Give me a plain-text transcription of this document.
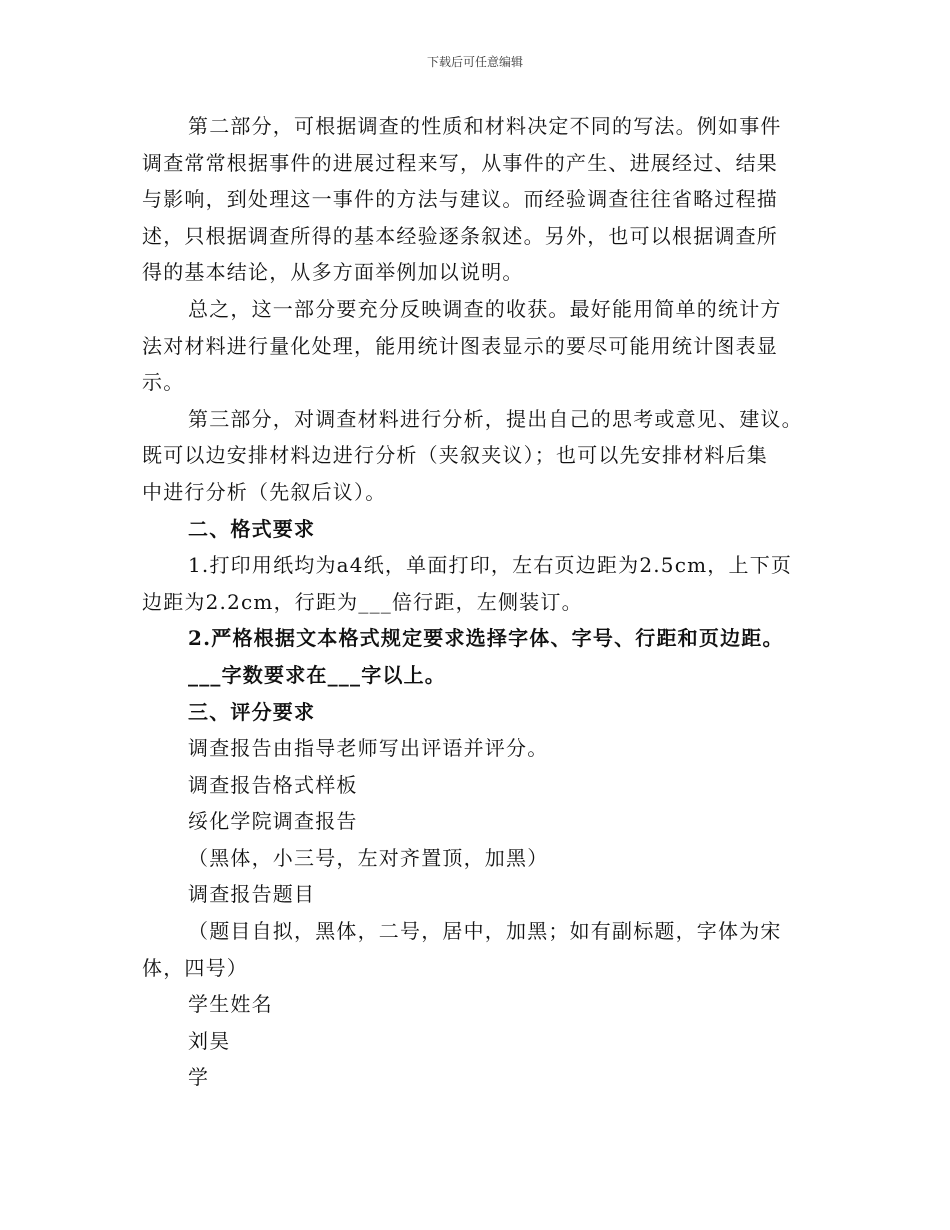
下载后可任意编辑

第二部分，可根据调查的性质和材料决定不同的写法。例如事件
调查常常根据事件的进展过程来写，从事件的产生、进展经过、结果
与影响，到处理这一事件的方法与建议。而经验调查往往省略过程描
述，只根据调查所得的基本经验逐条叙述。另外，也可以根据调查所
得的基本结论，从多方面举例加以说明。

总之，这一部分要充分反映调查的收获。最好能用简单的统计方
法对材料进行量化处理，能用统计图表显示的要尽可能用统计图表显
示。

第三部分，对调查材料进行分析，提出自己的思考或意见、建议。
既可以边安排材料边进行分析（夹叙夹议）；也可以先安排材料后集
中进行分析（先叙后议）。

二、格式要求

1.打印用纸均为a4纸，单面打印，左右页边距为2.5cm，上下页
边距为2.2cm，行距为___倍行距，左侧装订。

2.严格根据文本格式规定要求选择字体、字号、行距和页边距。

___字数要求在___字以上。

三、评分要求

调查报告由指导老师写出评语并评分。

调查报告格式样板

绥化学院调查报告

（黑体，小三号，左对齐置顶，加黑）

调查报告题目

（题目自拟，黑体，二号，居中，加黑；如有副标题，字体为宋
体，四号）

学生姓名

刘昊

学
